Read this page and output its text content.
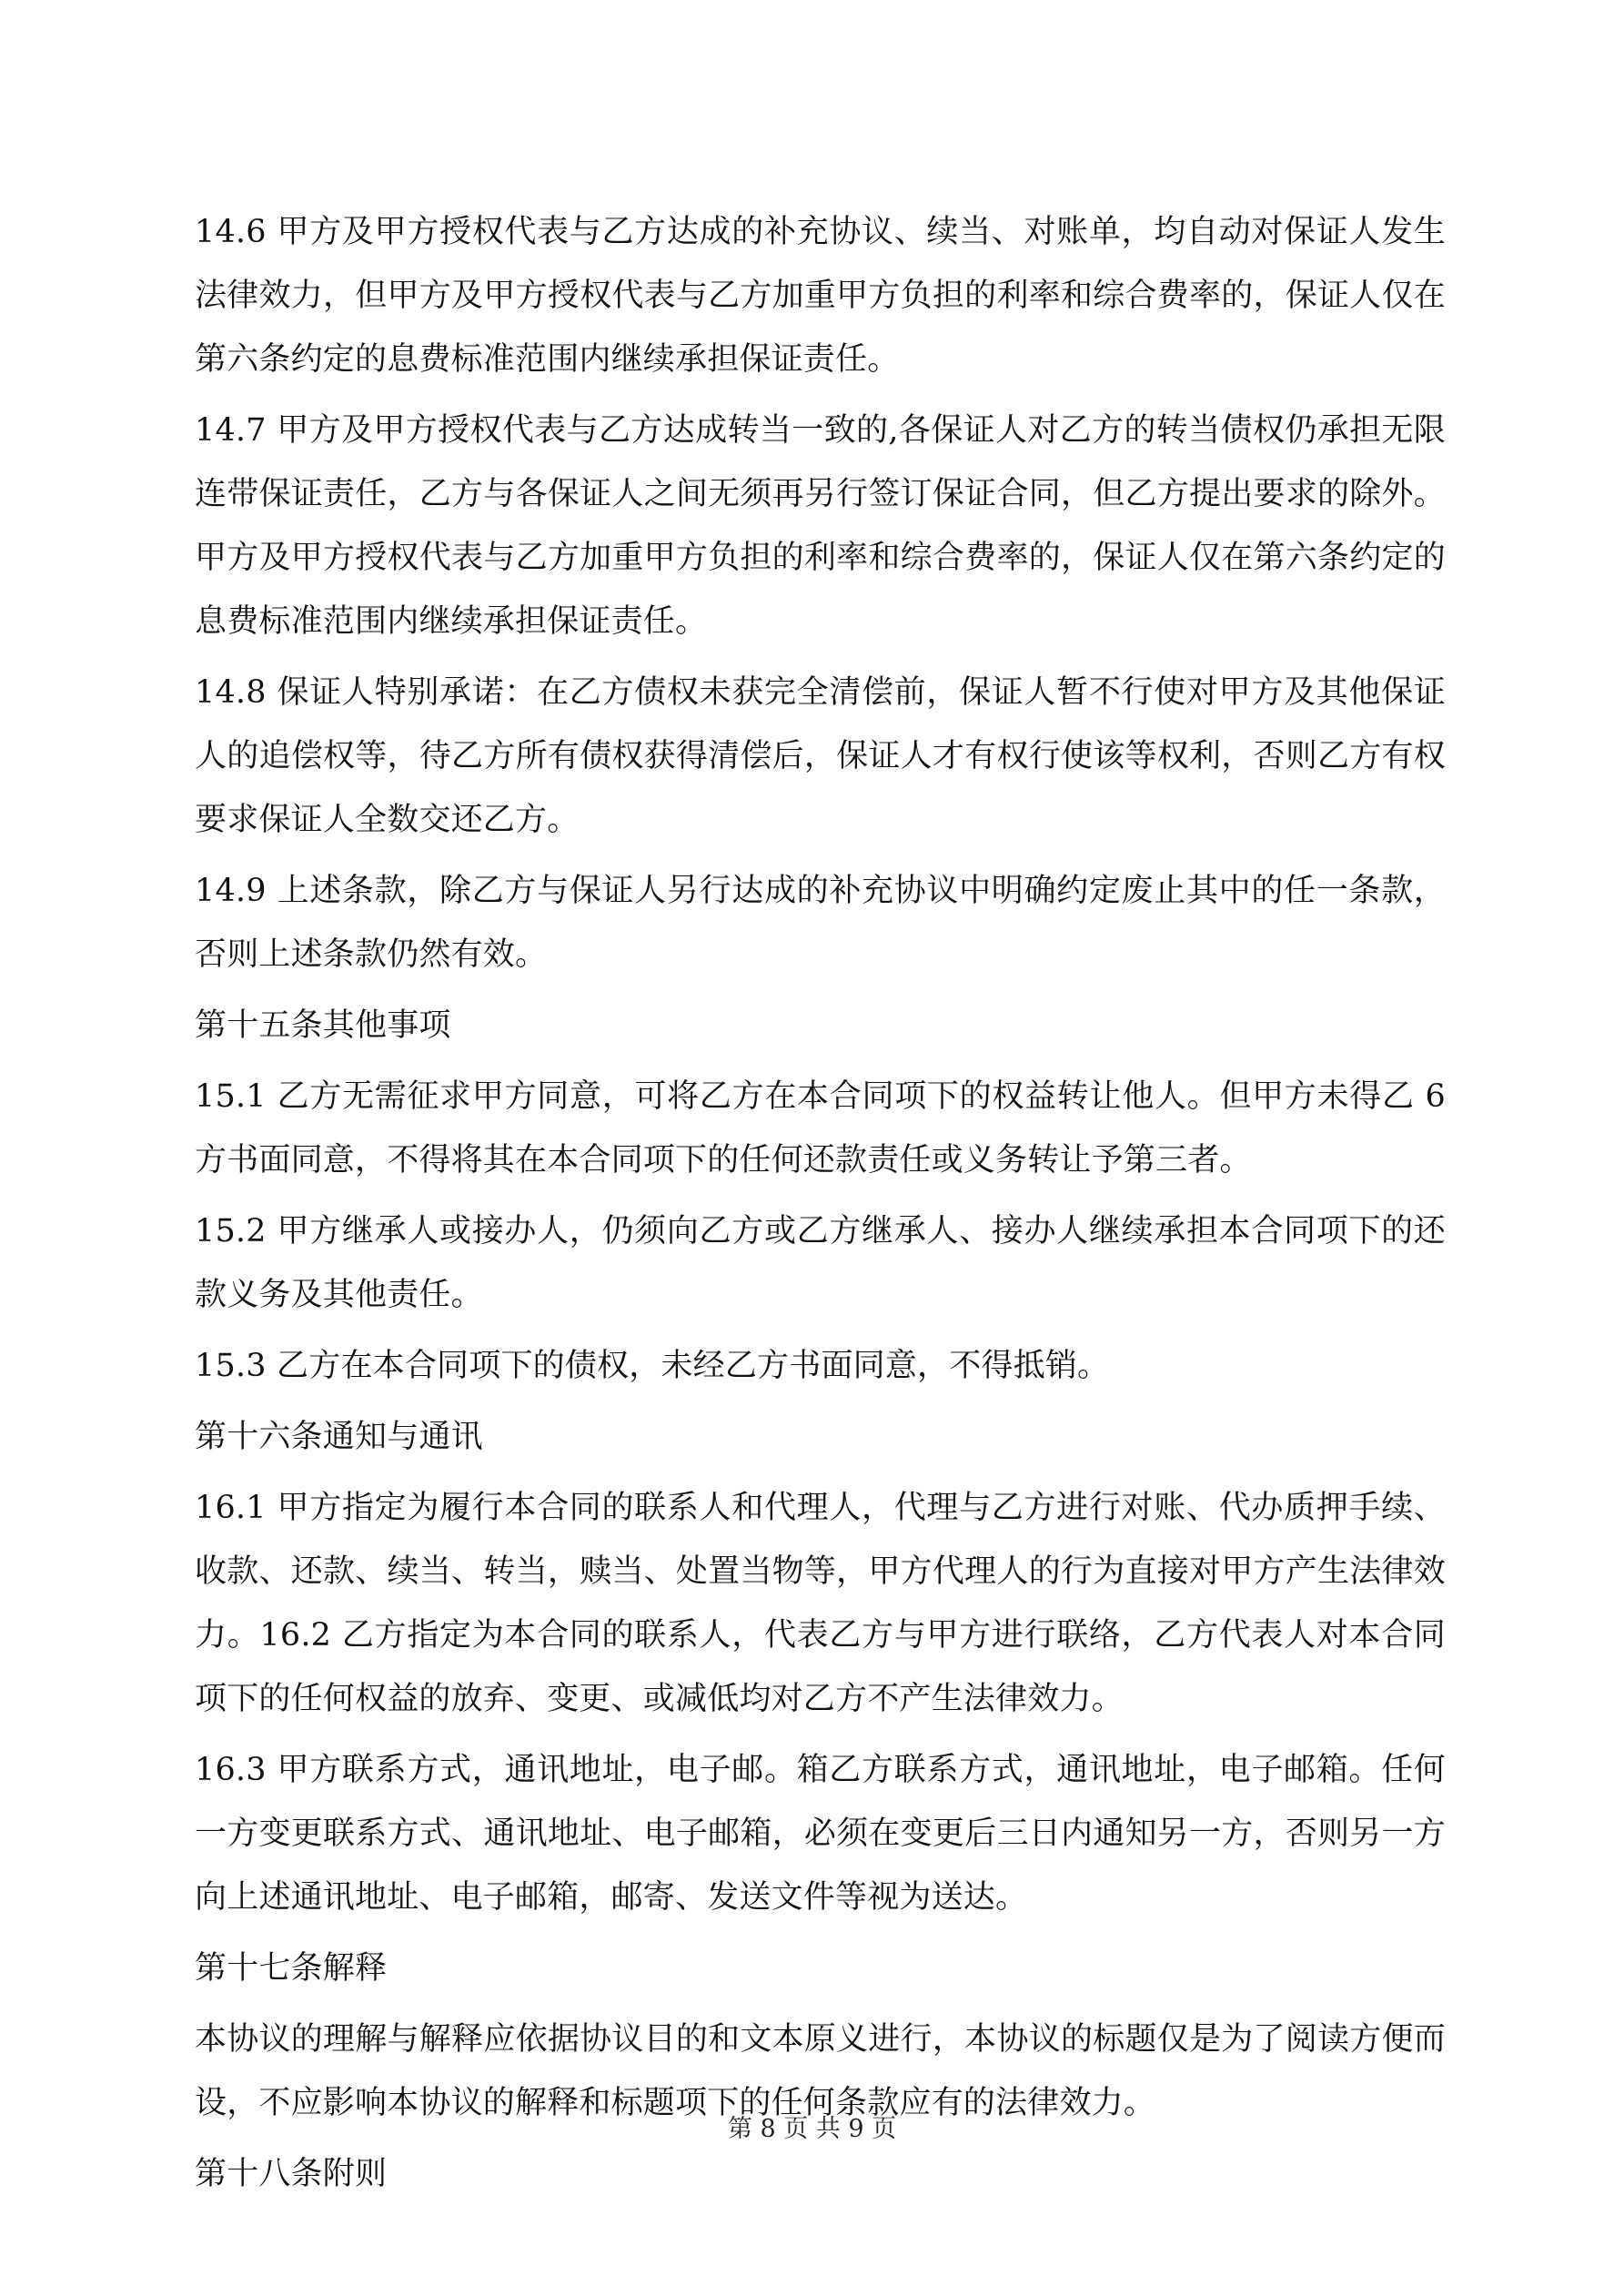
14.6 甲方及甲方授权代表与乙方达成的补充协议、续当、对账单，均自动对保证人发生法律效力，但甲方及甲方授权代表与乙方加重甲方负担的利率和综合费率的，保证人仅在第六条约定的息费标准范围内继续承担保证责任。

14.7 甲方及甲方授权代表与乙方达成转当一致的,各保证人对乙方的转当债权仍承担无限连带保证责任，乙方与各保证人之间无须再另行签订保证合同，但乙方提出要求的除外。甲方及甲方授权代表与乙方加重甲方负担的利率和综合费率的，保证人仅在第六条约定的息费标准范围内继续承担保证责任。

14.8 保证人特别承诺：在乙方债权未获完全清偿前，保证人暂不行使对甲方及其他保证人的追偿权等，待乙方所有债权获得清偿后，保证人才有权行使该等权利，否则乙方有权要求保证人全数交还乙方。

14.9 上述条款，除乙方与保证人另行达成的补充协议中明确约定废止其中的任一条款，否则上述条款仍然有效。

第十五条其他事项

15.1 乙方无需征求甲方同意，可将乙方在本合同项下的权益转让他人。但甲方未得乙 6方书面同意，不得将其在本合同项下的任何还款责任或义务转让予第三者。

15.2 甲方继承人或接办人，仍须向乙方或乙方继承人、接办人继续承担本合同项下的还款义务及其他责任。

15.3 乙方在本合同项下的债权，未经乙方书面同意，不得抵销。

第十六条通知与通讯

16.1 甲方指定为履行本合同的联系人和代理人，代理与乙方进行对账、代办质押手续、收款、还款、续当、转当，赎当、处置当物等，甲方代理人的行为直接对甲方产生法律效力。16.2 乙方指定为本合同的联系人，代表乙方与甲方进行联络，乙方代表人对本合同项下的任何权益的放弃、变更、或减低均对乙方不产生法律效力。

16.3 甲方联系方式，通讯地址，电子邮。箱乙方联系方式，通讯地址，电子邮箱。任何一方变更联系方式、通讯地址、电子邮箱，必须在变更后三日内通知另一方，否则另一方向上述通讯地址、电子邮箱，邮寄、发送文件等视为送达。

第十七条解释

本协议的理解与解释应依据协议目的和文本原义进行，本协议的标题仅是为了阅读方便而设，不应影响本协议的解释和标题项下的任何条款应有的法律效力。

第十八条附则

第 8 页 共 9 页
